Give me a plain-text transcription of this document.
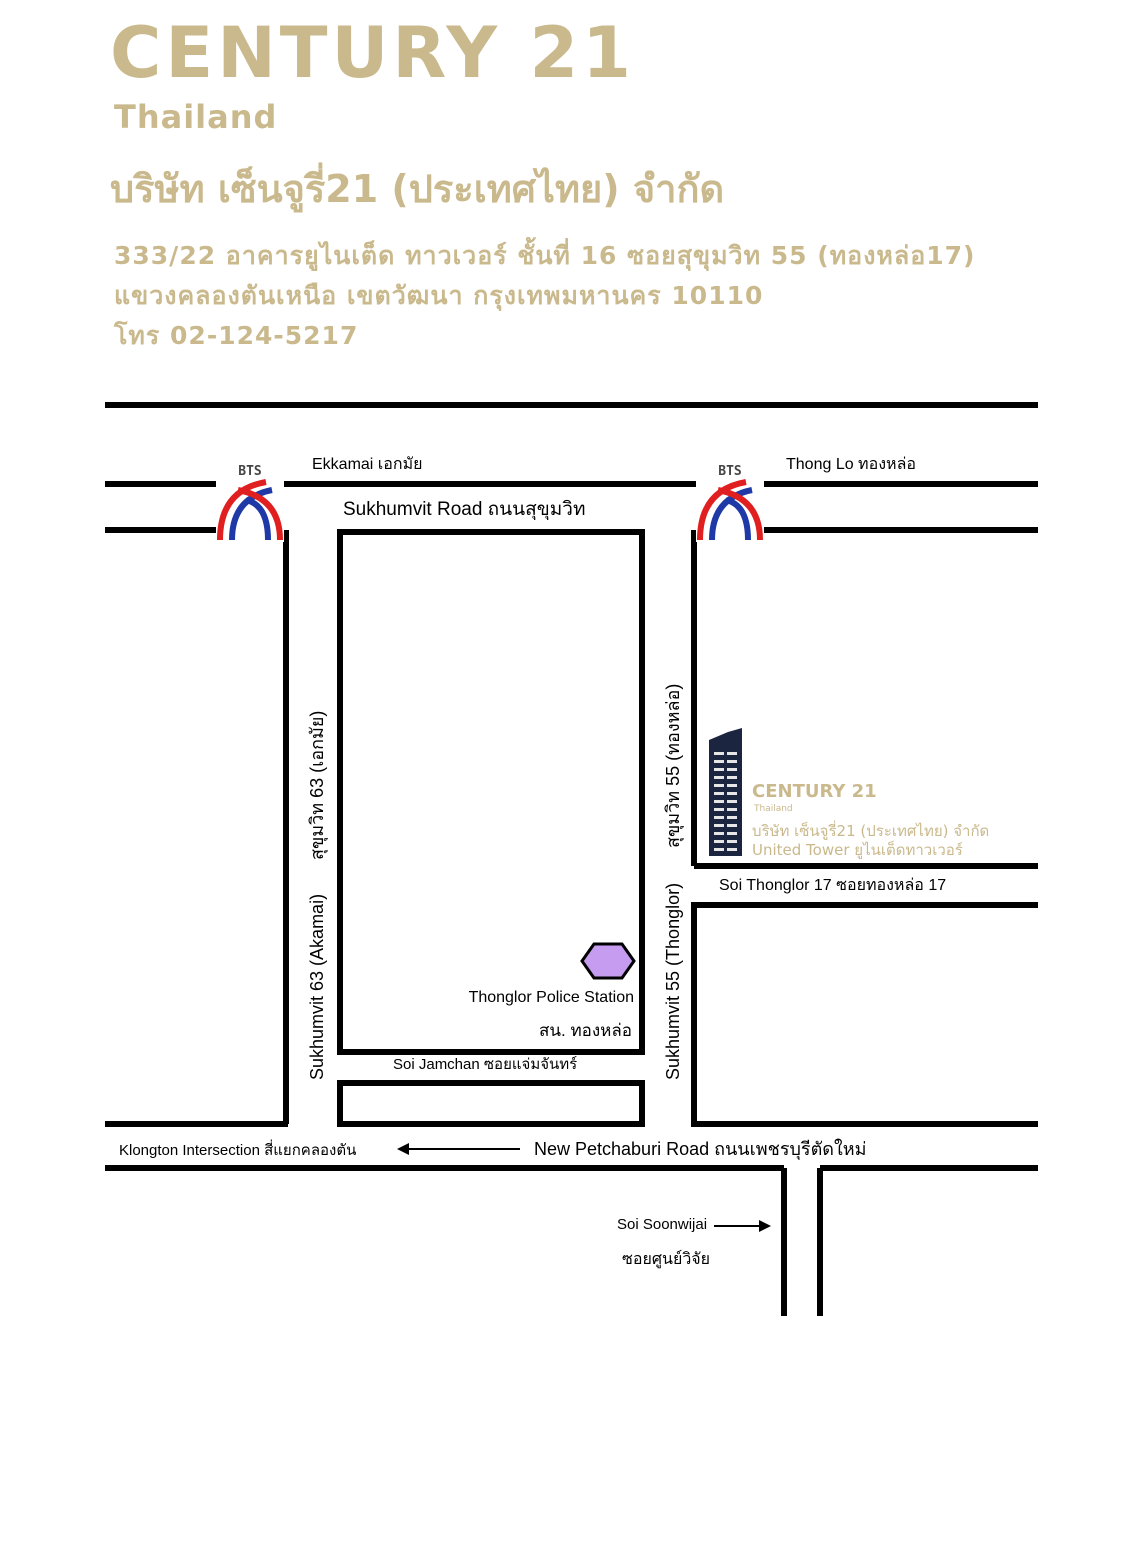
CENTURY 21
Thailand
บริษัท เซ็นจูรี่21 (ประเทศไทย) จำกัด
333/22 อาคารยูไนเต็ด ทาวเวอร์ ชั้นที่ 16 ซอยสุขุมวิท 55 (ทองหล่อ17)
แขวงคลองตันเหนือ เขตวัฒนา กรุงเทพมหานคร 10110
โทร 02-124-5217
BTS	BTS
Ekkamai เอกมัย	Thong Lo ทองหล่อ
Sukhumvit Road ถนนสุขุมวิท
สุขุมวิท 63 (เอกมัย)
Sukhumvit 63 (Akamai)
สุขุมวิท 55 (ทองหล่อ)
Sukhumvit 55 (Thonglor) Soi Thonglor 17 ซอยทองหล่อ 17
Thonglor Police Station
สน. ทองหล่อ
Soi Jamchan ซอยแจ่มจันทร์
Klongton Intersection สี่แยกคลองตัน	New Petchaburi Road ถนนเพชรบุรีตัดใหม่
Soi Soonwijai
ซอยศูนย์วิจัย
CENTURY 21
Thailand
บริษัท เซ็นจูรี่21 (ประเทศไทย) จำกัด
United Tower ยูไนเต็ดทาวเวอร์
